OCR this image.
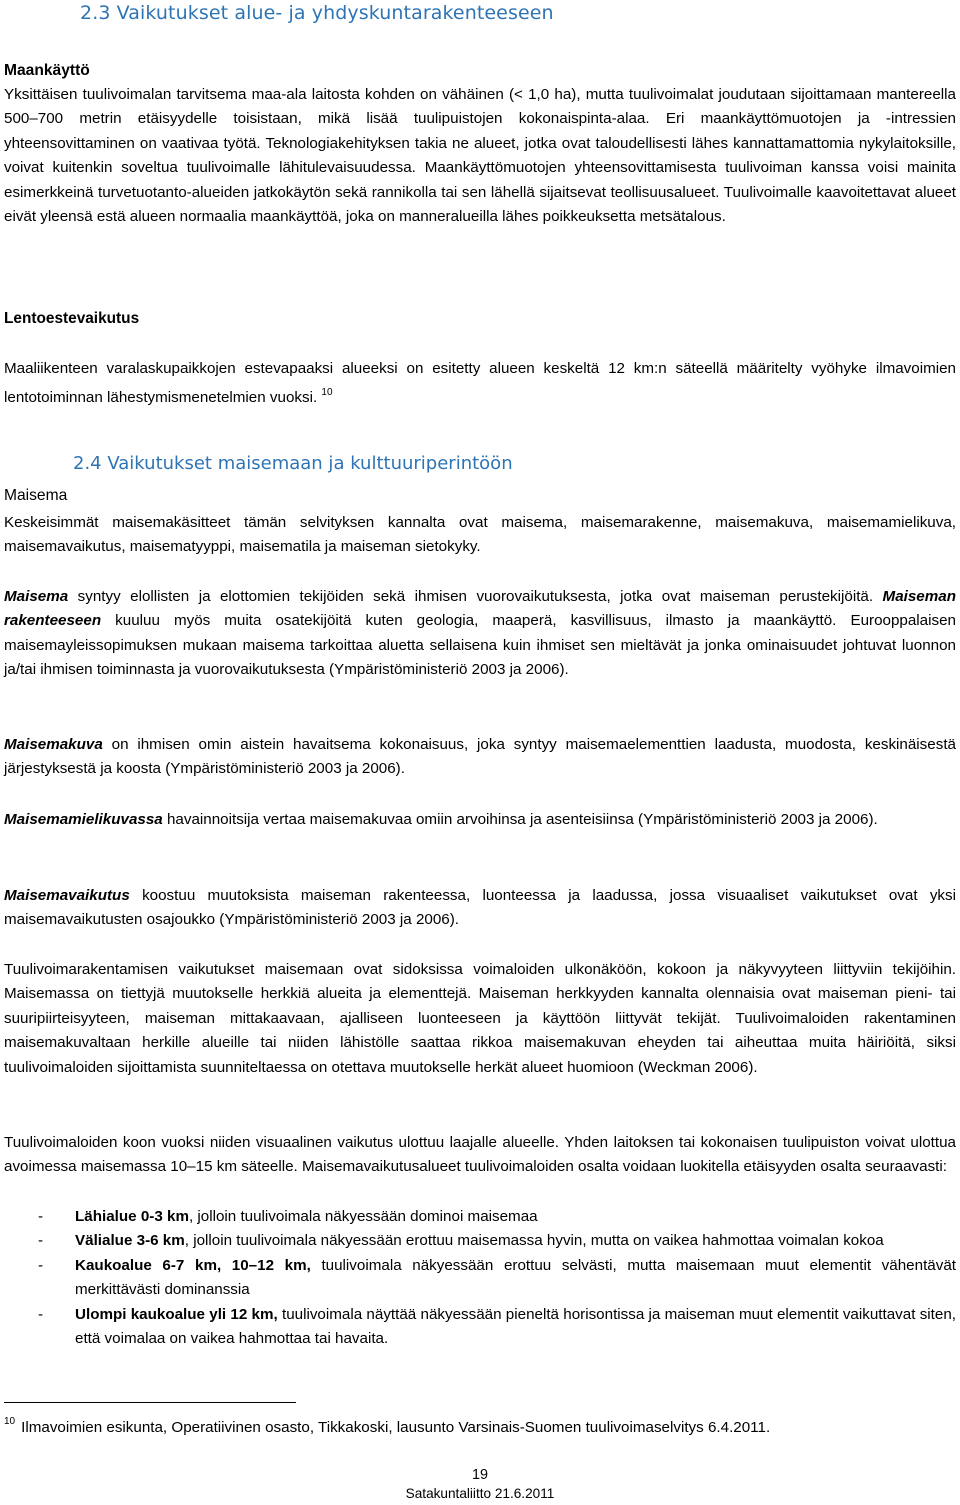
2.3 Vaikutukset alue- ja yhdyskuntarakenteeseen
Maankäyttö

Yksittäisen tuulivoimalan tarvitsema maa-ala laitosta kohden on vähäinen (< 1,0 ha), mutta tuulivoimalat joudutaan sijoittamaan mantereella 500–700 metrin etäisyydelle toisistaan, mikä lisää tuulipuistojen kokonaispinta-alaa. Eri maankäyttömuotojen ja -intressien yhteensovittaminen on vaativaa työtä. Teknologiakehityksen takia ne alueet, jotka ovat taloudellisesti lähes kannattamattomia nykylaitoksille, voivat kuitenkin soveltua tuulivoimalle lähitulevaisuudessa. Maankäyttömuotojen yhteensovittamisesta tuulivoiman kanssa voisi mainita esimerkkeinä turvetuotanto-alueiden jatkokäytön sekä rannikolla tai sen lähellä sijaitsevat teollisuusalueet. Tuulivoimalle kaavoitettavat alueet eivät yleensä estä alueen normaalia maankäyttöä, joka on manneralueilla lähes poikkeuksetta metsätalous.

Lentoestevaikutus

Maaliikenteen varalaskupaikkojen estevapaaksi alueeksi on esitetty alueen keskeltä 12 km:n säteellä määritelty vyöhyke ilmavoimien lentotoiminnan lähestymismenetelmien vuoksi. $^{10}$

2.4 Vaikutukset maisemaan ja kulttuuriperintöön
Maisema

Keskeisimmät maisemakäsitteet tämän selvityksen kannalta ovat maisema, maisemarakenne, maisemakuva, maisemamielikuva, maisemavaikutus, maisematyyppi, maisematila ja maiseman sietokyky.

Maisema syntyy elollisten ja elottomien tekijöiden sekä ihmisen vuorovaikutuksesta, jotka ovat maiseman perustekijöitä. Maiseman rakenteeseen kuuluu myös muita osatekijöitä kuten geologia, maaperä, kasvillisuus, ilmasto ja maankäyttö. Eurooppalaisen maisemayleissopimuksen mukaan maisema tarkoittaa aluetta sellaisena kuin ihmiset sen mieltävät ja jonka ominaisuudet johtuvat luonnon ja/tai ihmisen toiminnasta ja vuorovaikutuksesta (Ympäristöministeriö 2003 ja 2006).

Maisemakuva on ihmisen omin aistein havaitsema kokonaisuus, joka syntyy maisemaelementtien laadusta, muodosta, keskinäisestä järjestyksestä ja koosta (Ympäristöministeriö 2003 ja 2006).

Maisemamielikuvassa havainnoitsija vertaa maisemakuvaa omiin arvoihinsa ja asenteisiinsa (Ympäristöministeriö 2003 ja 2006).

Maisemavaikutus koostuu muutoksista maiseman rakenteessa, luonteessa ja laadussa, jossa visuaaliset vaikutukset ovat yksi maisemavaikutusten osajoukko (Ympäristöministeriö 2003 ja 2006).

Tuulivoimarakentamisen vaikutukset maisemaan ovat sidoksissa voimaloiden ulkonäköön, kokoon ja näkyvyyteen liittyviin tekijöihin. Maisemassa on tiettyjä muutokselle herkkiä alueita ja elementtejä. Maiseman herkkyyden kannalta olennaisia ovat maiseman pieni- tai suuripiirteisyyteen, maiseman mittakaavaan, ajalliseen luonteeseen ja käyttöön liittyvät tekijät. Tuulivoimaloiden rakentaminen maisemakuvaltaan herkille alueille tai niiden lähistölle saattaa rikkoa maisemakuvan eheyden tai aiheuttaa muita häiriöitä, siksi tuulivoimaloiden sijoittamista suunniteltaessa on otettava muutokselle herkät alueet huomioon (Weckman 2006).

Tuulivoimaloiden koon vuoksi niiden visuaalinen vaikutus ulottuu laajalle alueelle. Yhden laitoksen tai kokonaisen tuulipuiston voivat ulottua avoimessa maisemassa 10–15 km säteelle. Maisemavaikutusalueet tuulivoimaloiden osalta voidaan luokitella etäisyyden osalta seuraavasti:

- Lähialue 0-3 km, jolloin tuulivoimala näkyessään dominoi maisemaa
- Välialue 3-6 km, jolloin tuulivoimala näkyessään erottuu maisemassa hyvin, mutta on vaikea hahmottaa voimalan kokoa
- Kaukoalue 6-7 km, 10–12 km, tuulivoimala näkyessään erottuu selvästi, mutta maisemaan muut elementit vähentävät merkittävästi dominanssia
- Ulompi kaukoalue yli 12 km, tuulivoimala näyttää näkyessään pieneltä horisontissa ja maiseman muut elementit vaikuttavat siten, että voimalaa on vaikea hahmottaa tai havaita.
$^{10}$ Ilmavoimien esikunta, Operatiivinen osasto, Tikkakoski, lausunto Varsinais-Suomen tuulivoimaselvitys 6.4.2011.
19
Satakuntaliitto 21.6.2011
